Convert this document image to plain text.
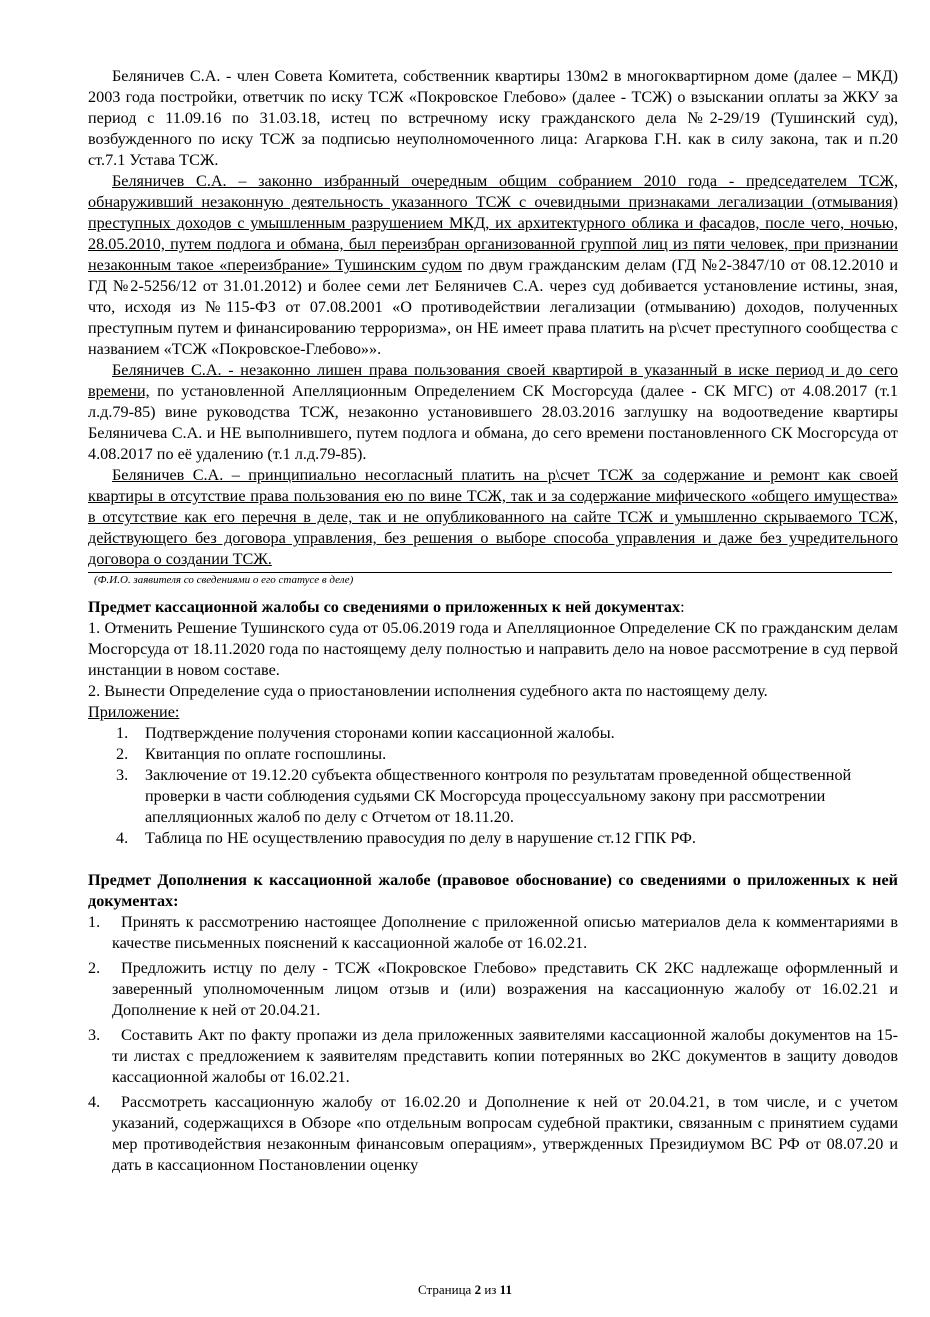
Беляничев С.А. - член Совета Комитета, собственник квартиры 130м2 в многоквартирном доме (далее – МКД) 2003 года постройки, ответчик по иску ТСЖ «Покровское Глебово» (далее - ТСЖ) о взыскании оплаты за ЖКУ за период с 11.09.16 по 31.03.18, истец по встречному иску гражданского дела №2-29/19 (Тушинский суд), возбужденного по иску ТСЖ за подписью неуполномоченного лица: Агаркова Г.Н. как в силу закона, так и п.20 ст.7.1 Устава ТСЖ.

Беляничев С.А. – законно избранный очередным общим собранием 2010 года - председателем ТСЖ, обнаруживший незаконную деятельность указанного ТСЖ с очевидными признаками легализации (отмывания) преступных доходов с умышленным разрушением МКД, их архитектурного облика и фасадов, после чего, ночью, 28.05.2010, путем подлога и обмана, был переизбран организованной группой лиц из пяти человек, при признании незаконным такое «переизбрание» Тушинским судом по двум гражданским делам (ГД №2-3847/10 от 08.12.2010 и ГД №2-5256/12 от 31.01.2012) и более семи лет Беляничев С.А. через суд добивается установление истины, зная, что, исходя из №115-ФЗ от 07.08.2001 «О противодействии легализации (отмыванию) доходов, полученных преступным путем и финансированию терроризма», он НЕ имеет права платить на р\счет преступного сообщества с названием «ТСЖ «Покровское-Глебово»».

Беляничев С.А. - незаконно лишен права пользования своей квартирой в указанный в иске период и до сего времени, по установленной Апелляционным Определением СК Мосгорсуда (далее - СК МГС) от 4.08.2017 (т.1 л.д.79-85) вине руководства ТСЖ, незаконно установившего 28.03.2016 заглушку на водоотведение квартиры Беляничева С.А. и НЕ выполнившего, путем подлога и обмана, до сего времени постановленного СК Мосгорсуда от 4.08.2017 по её удалению (т.1 л.д.79-85).

Беляничев С.А. – принципиально несогласный платить на р\счет ТСЖ за содержание и ремонт как своей квартиры в отсутствие права пользования ею по вине ТСЖ, так и за содержание мифического «общего имущества» в отсутствие как его перечня в деле, так и не опубликованного на сайте ТСЖ и умышленно скрываемого ТСЖ, действующего без договора управления, без решения о выборе способа управления и даже без учредительного договора о создании ТСЖ.

(Ф.И.О. заявителя со сведениями о его статусе в деле)

Предмет кассационной жалобы со сведениями о приложенных к ней документах:

1. Отменить Решение Тушинского суда от 05.06.2019 года и Апелляционное Определение СК по гражданским делам Мосгорсуда от 18.11.2020 года по настоящему делу полностью и направить дело на новое рассмотрение в суд первой инстанции в новом составе.

2. Вынести Определение суда о приостановлении исполнения судебного акта по настоящему делу.

Приложение:

1. Подтверждение получения сторонами копии кассационной жалобы.
2. Квитанция по оплате госпошлины.
3. Заключение от 19.12.20 субъекта общественного контроля по результатам проведенной общественной проверки в части соблюдения судьями СК Мосгорсуда процессуальному закону при рассмотрении апелляционных жалоб по делу с Отчетом от 18.11.20.
4. Таблица по НЕ осуществлению правосудия по делу в нарушение ст.12 ГПК РФ.

Предмет Дополнения к кассационной жалобе (правовое обоснование) со сведениями о приложенных к ней документах:

1. Принять к рассмотрению настоящее Дополнение с приложенной описью материалов дела к комментариями в качестве письменных пояснений к кассационной жалобе от 16.02.21.
2. Предложить истцу по делу - ТСЖ «Покровское Глебово» представить СК 2КС надлежаще оформленный и заверенный уполномоченным лицом отзыв и (или) возражения на кассационную жалобу от 16.02.21 и Дополнение к ней от 20.04.21.
3. Составить Акт по факту пропажи из дела приложенных заявителями кассационной жалобы документов на 15-ти листах с предложением к заявителям представить копии потерянных во 2КС документов в защиту доводов кассационной жалобы от 16.02.21.
4. Рассмотреть кассационную жалобу от 16.02.20 и Дополнение к ней от 20.04.21, в том числе, и с учетом указаний, содержащихся в Обзоре «по отдельным вопросам судебной практики, связанным с принятием судами мер противодействия незаконным финансовым операциям», утвержденных Президиумом ВС РФ от 08.07.20 и дать в кассационном Постановлении оценку
Страница 2 из 11
